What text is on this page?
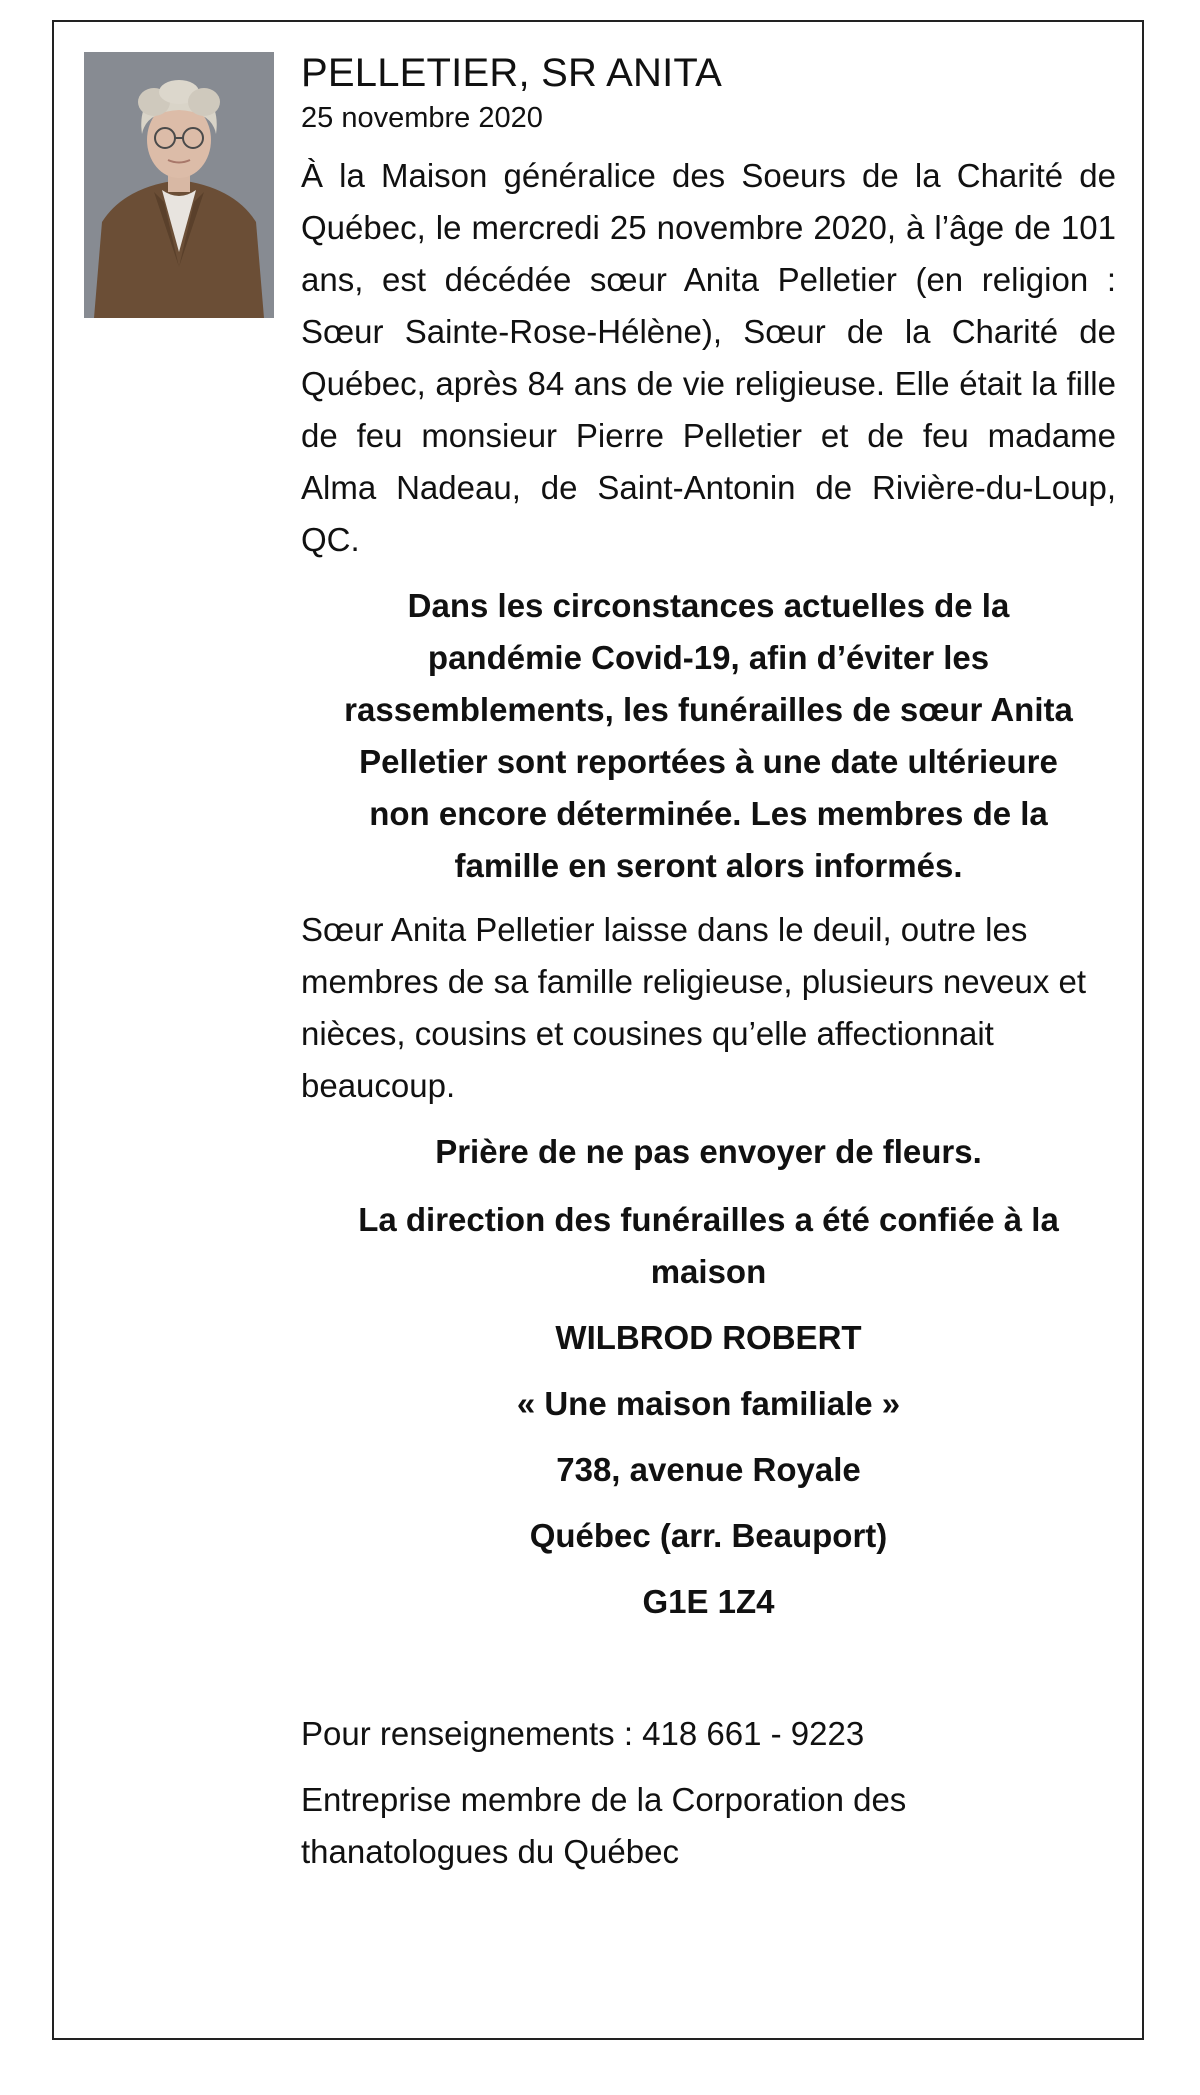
PELLETIER, SR ANITA

25 novembre 2020

À la Maison généralice des Soeurs de la Charité de Québec, le mercredi 25 novembre 2020, à l’âge de 101 ans, est décédée sœur Anita Pelletier (en religion : Sœur Sainte-Rose-Hélène), Sœur de la Charité de Québec, après 84 ans de vie religieuse. Elle était la fille de feu monsieur Pierre Pelletier et de feu madame Alma Nadeau, de Saint-Antonin de Rivière-du-Loup, QC.

Dans les circonstances actuelles de la pandémie Covid-19, afin d’éviter les rassemblements, les funérailles de sœur Anita Pelletier sont reportées à une date ultérieure non encore déterminée. Les membres de la famille en seront alors informés.

Sœur Anita Pelletier laisse dans le deuil, outre les membres de sa famille religieuse, plusieurs neveux et nièces, cousins et cousines qu’elle affectionnait beaucoup.

Prière de ne pas envoyer de fleurs.

La direction des funérailles a été confiée à la maison

WILBROD ROBERT

« Une maison familiale »

738, avenue Royale

Québec (arr. Beauport)

G1E 1Z4

Pour renseignements : 418 661 - 9223

Entreprise membre de la Corporation des thanatologues du Québec
